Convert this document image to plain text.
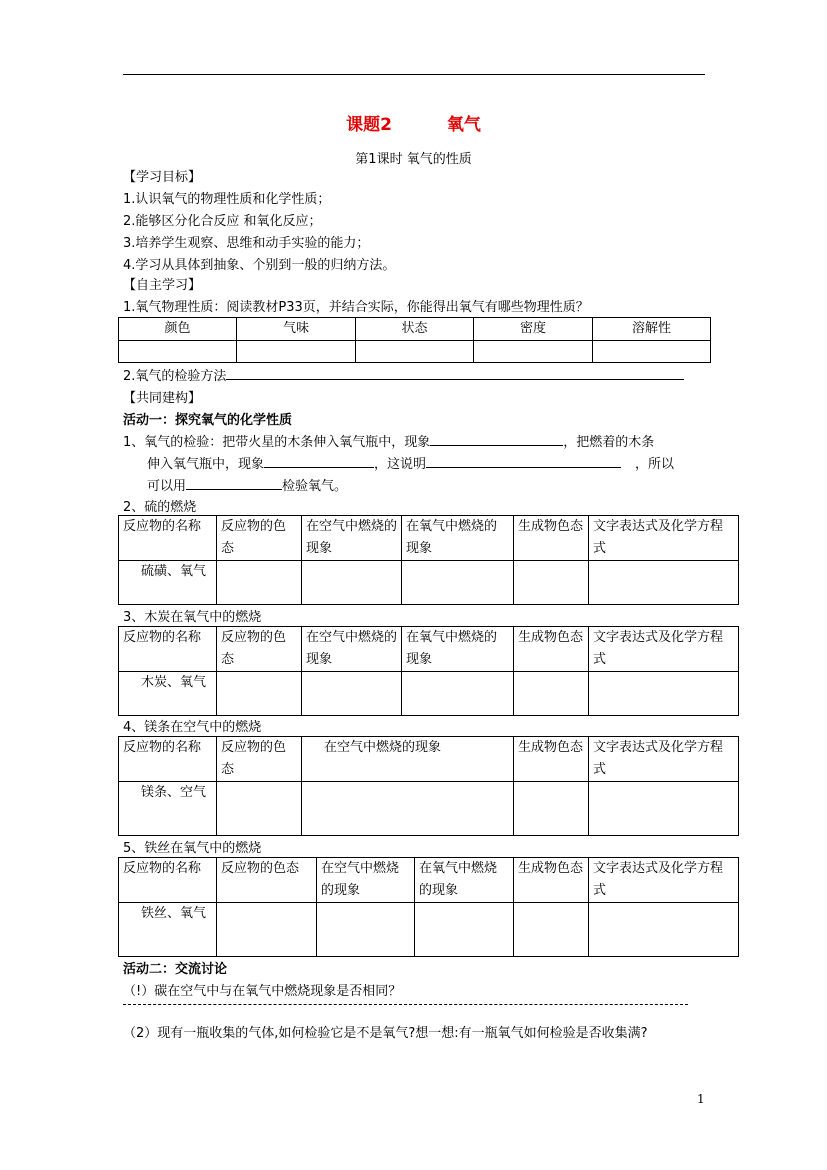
课题2	氧气
第1课时 氧气的性质
【学习目标】
1.认识氧气的物理性质和化学性质；
2.能够区分化合反应 和氧化反应；
3.培养学生观察、思维和动手实验的能力；
4.学习从具体到抽象、个别到一般的归纳方法。
【自主学习】
1.氧气物理性质：阅读教材P33页，并结合实际，你能得出氧气有哪些物理性质？
颜色	气味	状态	密度	溶解性

2.氧气的检验方法
【共同建构】
活动一：探究氧气的化学性质
1、氧气的检验：把带火星的木条伸入氧气瓶中，现象	，把燃着的木条
伸入氧气瓶中，现象	，这说明	，所以
可以用	检验氧气。
2、硫的燃烧
反应物的名称	反应物的色态	在空气中燃烧的现象	在氧气中燃烧的现象	生成物色态	文字表达式及化学方程式
硫磺、氧气					
3、木炭在氧气中的燃烧
反应物的名称	反应物的色态	在空气中燃烧的现象	在氧气中燃烧的现象	生成物色态	文字表达式及化学方程式
木炭、氧气					
4、镁条在空气中的燃烧
反应物的名称	反应物的色态	在空气中燃烧的现象	生成物色态	文字表达式及化学方程式
镁条、空气				
5、铁丝在氧气中的燃烧
反应物的名称	反应物的色态	在空气中燃烧的现象	在氧气中燃烧的现象	生成物色态	文字表达式及化学方程式
铁丝、氧气					
活动二：交流讨论
（!）碳在空气中与在氧气中燃烧现象是否相同？
（2）现有一瓶收集的气体,如何检验它是不是氧气?想一想:有一瓶氧气如何检验是否收集满?
1
